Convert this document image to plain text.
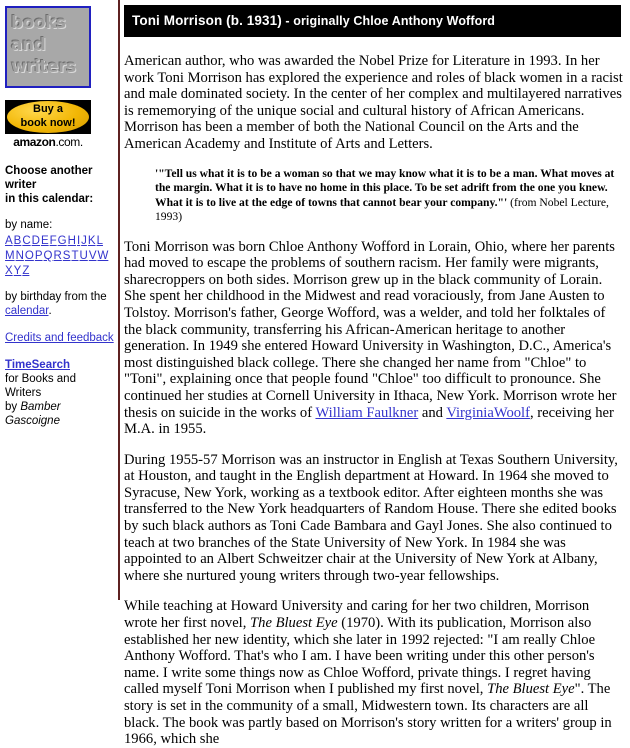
books
and
writers
Buy a
book now!
amazon.com.
Choose another writer
in this calendar:
by name:
ABCDEFGHIJKL
MNOPQRSTUVW
XYZ
by birthday from the
calendar.
Credits and feedback
TimeSearch
for Books and Writers
by Bamber Gascoigne
Toni Morrison (b. 1931) - originally Chloe Anthony Wofford

American author, who was awarded the Nobel Prize for Literature in 1993. In her work Toni Morrison has explored the experience and roles of black women in a racist and male dominated society. In the center of her complex and multilayered narratives is rememorying of the unique social and cultural history of African Americans. Morrison has been a member of both the National Council on the Arts and the American Academy and Institute of Arts and Letters.

'"Tell us what it is to be a woman so that we may know what it is to be a man. What moves at the margin. What it is to have no home in this place. To be set adrift from the one you knew. What it is to live at the edge of towns that cannot bear your company."' (from Nobel Lecture, 1993)

Toni Morrison was born Chloe Anthony Wofford in Lorain, Ohio, where her parents had moved to escape the problems of southern racism. Her family were migrants, sharecroppers on both sides. Morrison grew up in the black community of Lorain. She spent her childhood in the Midwest and read voraciously, from Jane Austen to Tolstoy. Morrison's father, George Wofford, was a welder, and told her folktales of the black community, transferring his African-American heritage to another generation. In 1949 she entered Howard University in Washington, D.C., America's most distinguished black college. There she changed her name from "Chloe" to "Toni", explaining once that people found "Chloe" too difficult to pronounce. She continued her studies at Cornell University in Ithaca, New York. Morrison wrote her thesis on suicide in the works of William Faulkner and VirginiaWoolf, receiving her M.A. in 1955.

During 1955-57 Morrison was an instructor in English at Texas Southern University, at Houston, and taught in the English department at Howard. In 1964 she moved to Syracuse, New York, working as a textbook editor. After eighteen months she was transferred to the New York headquarters of Random House. There she edited books by such black authors as Toni Cade Bambara and Gayl Jones. She also continued to teach at two branches of the State University of New York. In 1984 she was appointed to an Albert Schweitzer chair at the University of New York at Albany, where she nurtured young writers through two-year fellowships.

While teaching at Howard University and caring for her two children, Morrison wrote her first novel, The Bluest Eye (1970). With its publication, Morrison also established her new identity, which she later in 1992 rejected: "I am really Chloe Anthony Wofford. That's who I am. I have been writing under this other person's name. I write some things now as Chloe Wofford, private things. I regret having called myself Toni Morrison when I published my first novel, The Bluest Eye". The story is set in the community of a small, Midwestern town. Its characters are all black. The book was partly based on Morrison's story written for a writers' group in 1966, which she
